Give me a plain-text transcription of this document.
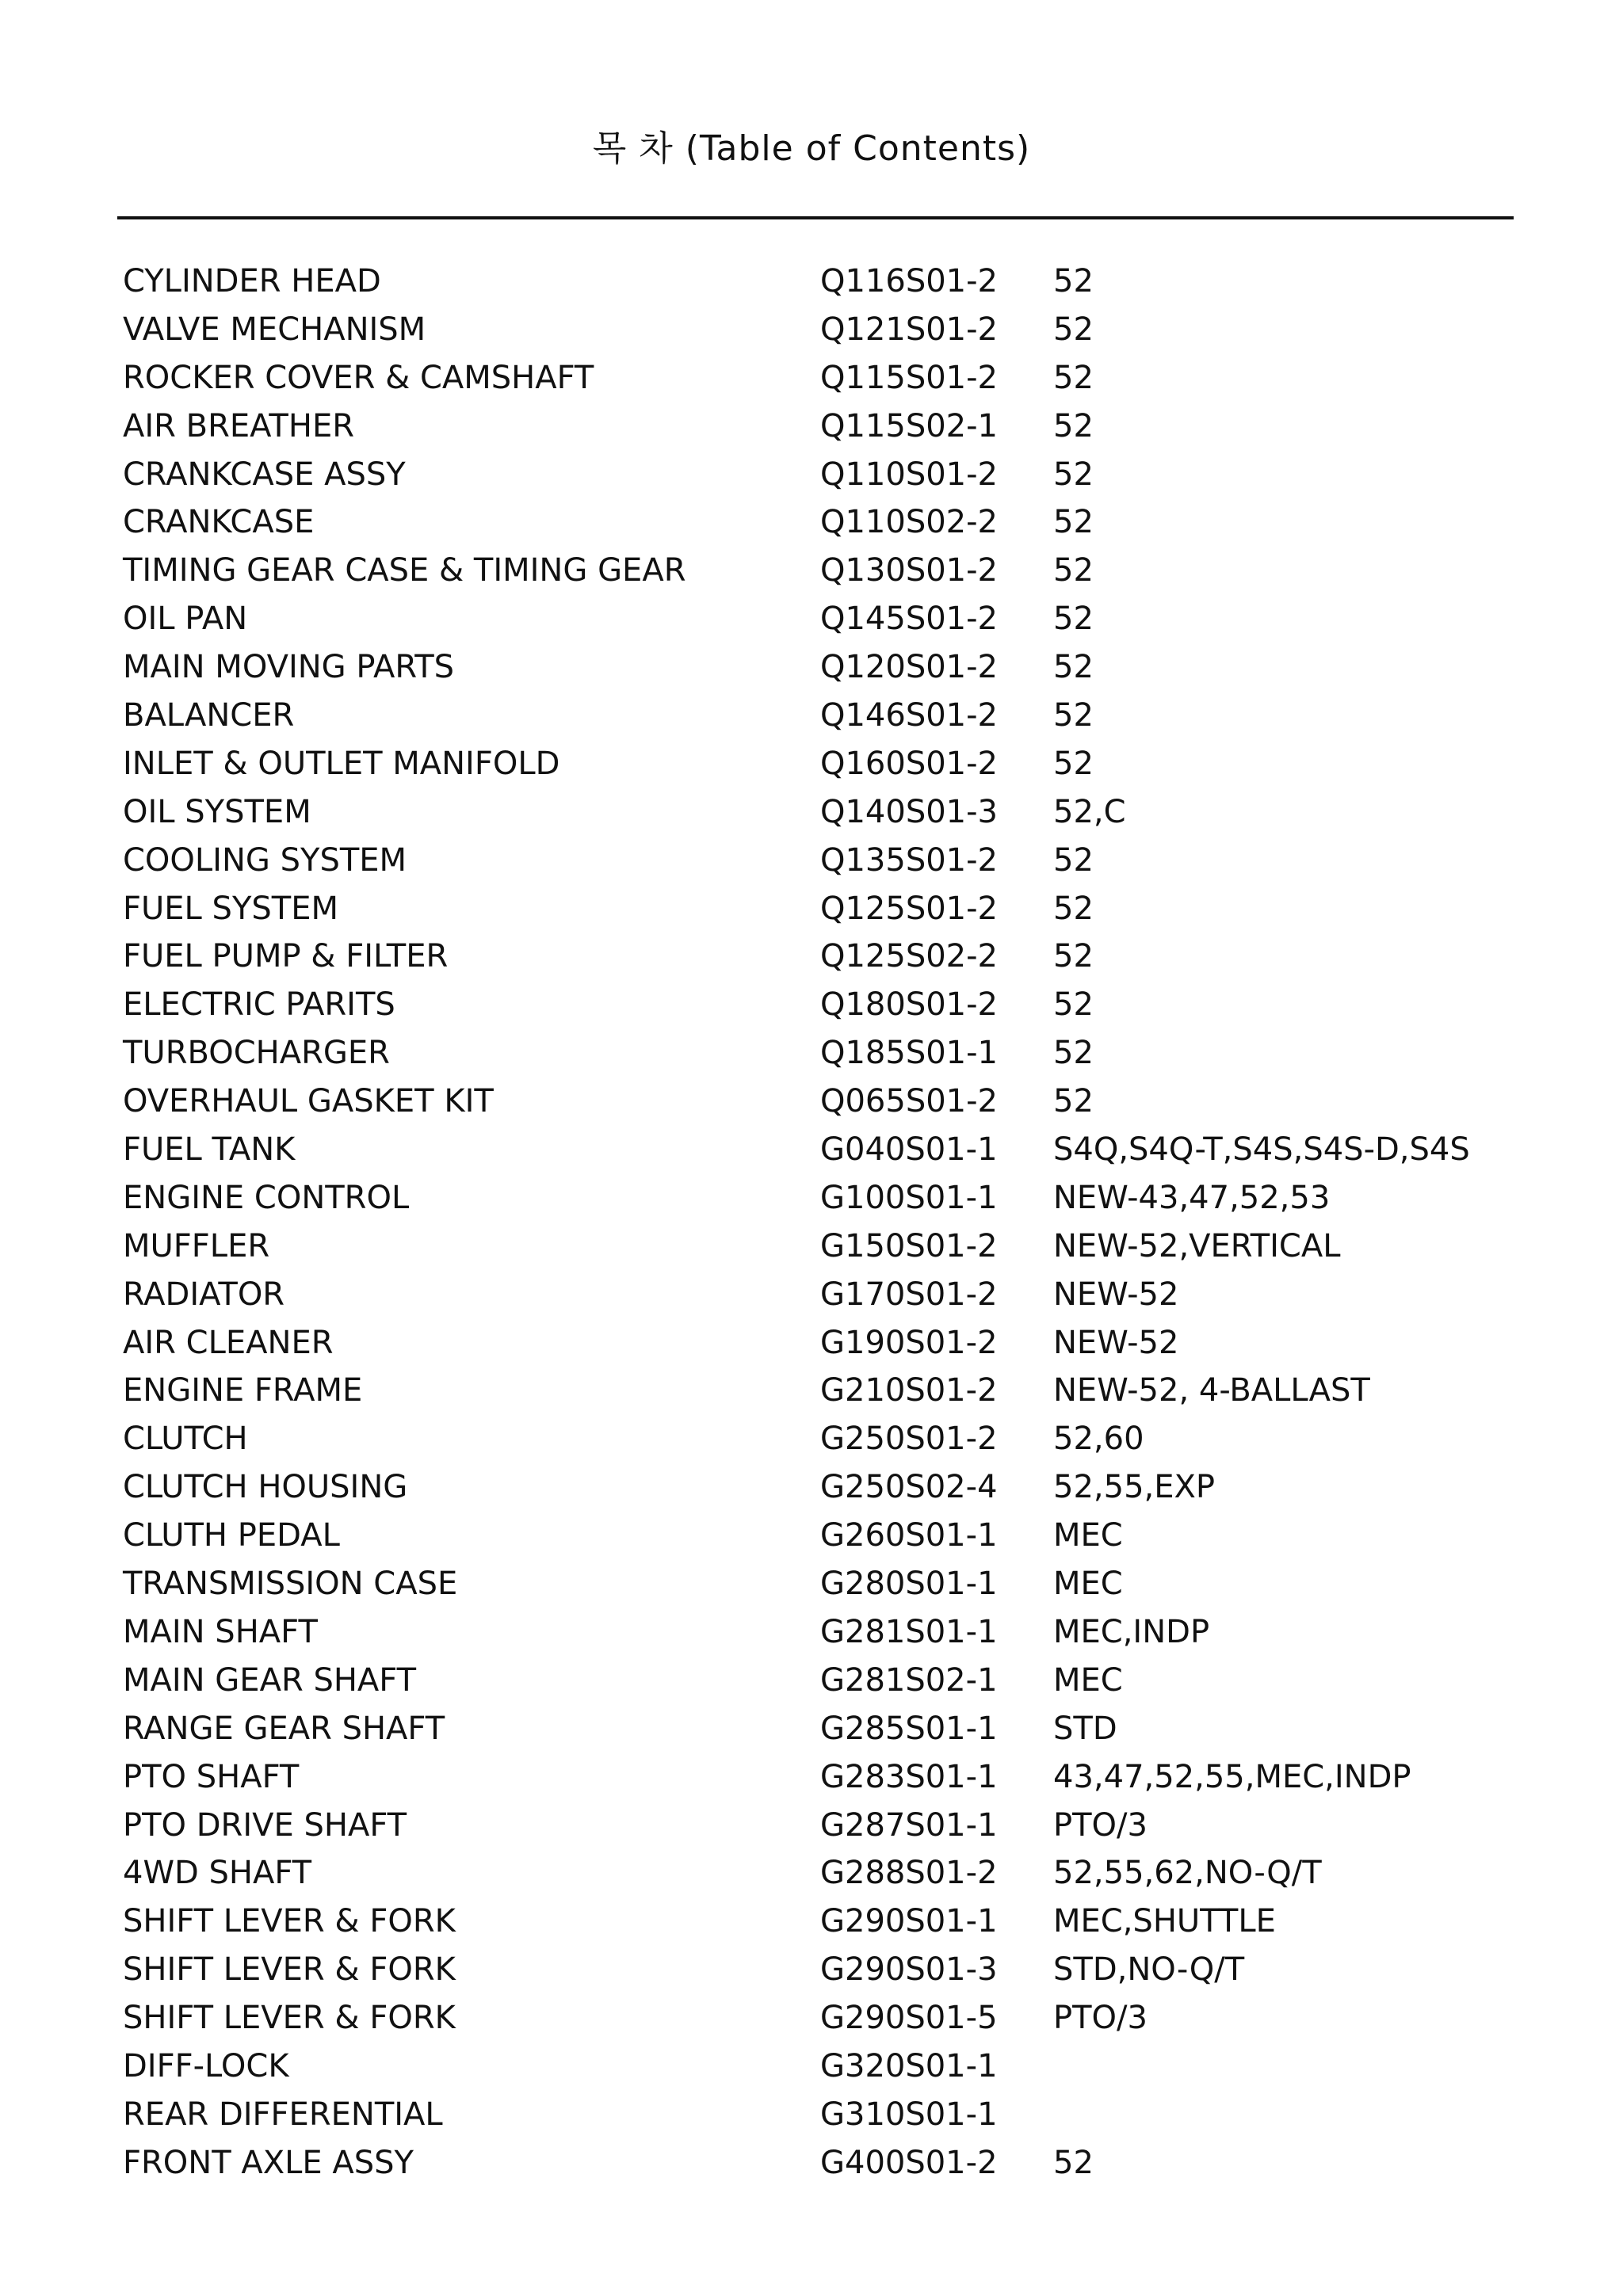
목 차 (Table of Contents)
CYLINDER HEAD	Q116S01-2 52
VALVE MECHANISM	Q121S01-2 52
ROCKER COVER & CAMSHAFT	Q115S01-2 52
AIR BREATHER	Q115S02-1 52
CRANKCASE ASSY	Q110S01-2 52
CRANKCASE	Q110S02-2 52
TIMING GEAR CASE & TIMING GEAR	Q130S01-2 52
OIL PAN	Q145S01-2 52
MAIN MOVING PARTS	Q120S01-2 52
BALANCER	Q146S01-2 52
INLET & OUTLET MANIFOLD	Q160S01-2 52
OIL SYSTEM	Q140S01-3 52,C
COOLING SYSTEM	Q135S01-2 52
FUEL SYSTEM	Q125S01-2 52
FUEL PUMP & FILTER	Q125S02-2 52
ELECTRIC PARITS	Q180S01-2 52
TURBOCHARGER	Q185S01-1 52
OVERHAUL GASKET KIT	Q065S01-2 52
FUEL TANK	G040S01-1 S4Q,S4Q-T,S4S,S4S-D,S4S
ENGINE CONTROL	G100S01-1 NEW-43,47,52,53
MUFFLER	G150S01-2 NEW-52,VERTICAL
RADIATOR	G170S01-2 NEW-52
AIR CLEANER	G190S01-2 NEW-52
ENGINE FRAME	G210S01-2 NEW-52, 4-BALLAST
CLUTCH	G250S01-2 52,60
CLUTCH HOUSING	G250S02-4 52,55,EXP
CLUTH PEDAL	G260S01-1 MEC
TRANSMISSION CASE	G280S01-1 MEC
MAIN SHAFT	G281S01-1 MEC,INDP
MAIN GEAR SHAFT	G281S02-1 MEC
RANGE GEAR SHAFT	G285S01-1 STD
PTO SHAFT	G283S01-1 43,47,52,55,MEC,INDP
PTO DRIVE SHAFT	G287S01-1 PTO/3
4WD SHAFT	G288S01-2 52,55,62,NO-Q/T
SHIFT LEVER & FORK	G290S01-1 MEC,SHUTTLE
SHIFT LEVER & FORK	G290S01-3 STD,NO-Q/T
SHIFT LEVER & FORK	G290S01-5 PTO/3
DIFF-LOCK	G320S01-1
REAR DIFFERENTIAL	G310S01-1
FRONT AXLE ASSY	G400S01-2 52
